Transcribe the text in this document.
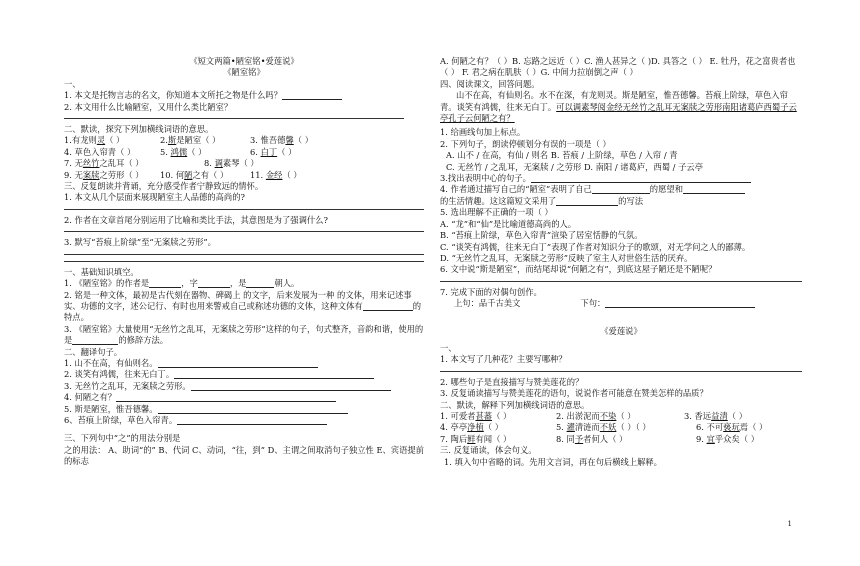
《短文两篇•陋室铭•爱莲说》
《陋室铭》
一、
1. 本文是托物言志的名文，你知道本文所托之物是什么吗？
2. 本文用什么比喻陋室，又用什么类比陋室？
二、默读，探究下列加横线词语的意思。
1.有龙则灵（ ）	2.斯是陋室（ ）	3. 惟吾德馨（ ）
4. 草色入帘青（ ）	5. 鸿儒（ ）	6. 白丁（ ）
7. 无丝竹之乱耳（ ）	8. 调素琴（ ）
9. 无案牍之劳形（ ） 10. 何陋之有（ ）	11. 金经（ ）
三、反复朗读并背诵，充分感受作者宁静致远的情怀。
1. 本文从几个层面来展现陋室主人品德的高尚的?
2. 作者在文章首尾分别运用了比喻和类比手法，其意图是为了强调什么?
3. 默写“苔痕上阶绿”至“无案牍之劳形”。
一、基础知识填空。
1. 《陋室铭》的作者是	，字	，是	朝人。
2. 铭是一种文体，最初是古代刻在器物、碑碣上 的文字，后来发展为一种 的文体，用来记述事实、功德的文字，述公记行、有时也用来警戒自己或称述功德的文体，这种文体有	的特点。
3. 《陋室铭》大量使用“无丝竹之乱耳，无案牍之劳形”这样的句子，句式整齐，音韵和谐，使用的是	的修辞方法。
二、翻译句子。
1. 山不在高，有仙则名。
2. 谈笑有鸿儒，往来无白丁。
3. 无丝竹之乱耳，无案牍之劳形。
4. 何陋之有？
5. 斯是陋室，惟吾德馨。
6、苔痕上阶绿，草色入帘青。
三、下列句中“之”的用法分别是
之的用法： A、助词“的” B、代词 C、动词，“往，到” D、主谓之间取消句子独立性 E、宾语提前的标志
A. 何陋之有？（ ）B. 忘路之远近（ ）C. 渔人甚异之（ )D. 具答之（ ） E. 牡丹，花之富贵者也（ ） F. 君之病在肌肤（ ）G. 中间力拉崩倒之声（ ）
四、阅读课文，回答问题。
山不在高，有仙则名。水不在深，有龙则灵。斯是陋室，惟吾德馨。苔痕上阶绿，草色入帘青。谈笑有鸿儒，往来无白丁。可以调素琴阅金经无丝竹之乱耳无案牍之劳形南阳诸葛庐西蜀子云亭孔子云何陋之有？
1. 给画线句加上标点。
2. 下列句子，朗读停顿划分有误的一项是（ ）
A. 山不 / 在高，有仙 / 则名 B. 苔痕 / 上阶绿，草色 / 入帘 / 青
C. 无丝竹 / 之乱耳，无案牍 / 之劳形 D. 南阳 / 诸葛庐，西蜀 / 子云亭
3.找出表明中心的句子。
4. 作者通过描写自己的“陋室”表明了自己	的愿望和
的生活情趣。这这篇短文采用了	的写法
5. 选出理解不正确的一项（ ）
A. “龙”和“仙”是比喻道德高尚的人。
B. “苔痕上阶绿，草色入帘青”渲染了居室恬静的气氛。
C. “谈笑有鸿儒，往来无白丁”表现了作者对知识分子的歌颂，对无学问之人的鄙薄。
D. “无丝竹之乱耳，无案牍之劳形”反映了室主人对世俗生活的厌弃。
6. 文中说“斯是陋室”，而结尾却说“何陋之有”，到底这屋子陋还是不陋呢？
7. 完成下面的对偶句创作。
上句：品千古美文	下句：
《爱莲说》
一、
1. 本文写了几种花？主要写哪种？
2. 哪些句子是直接描写与赞美莲花的？
3. 反复诵读描写与赞美莲花的语句，说说作者可能意在赞美怎样的品质？
二、默读，解释下列加横线词语的意思。
1. 可爱者甚蕃（ ）	2. 出淤泥而不染（ ）	3. 香远益清（ ）
4. 亭亭净植（ ）	5. 濯清涟而不妖（ ）（ ）	6. 不可亵玩焉（ ）
7. 陶后鲜有闻（ ）	8. 同予者何人（ ）	9. 宜乎众矣（ ）
三. 反复诵读，体会句义。
1. 填入句中省略的词。先用文言词，再在句后横线上解释。
1
